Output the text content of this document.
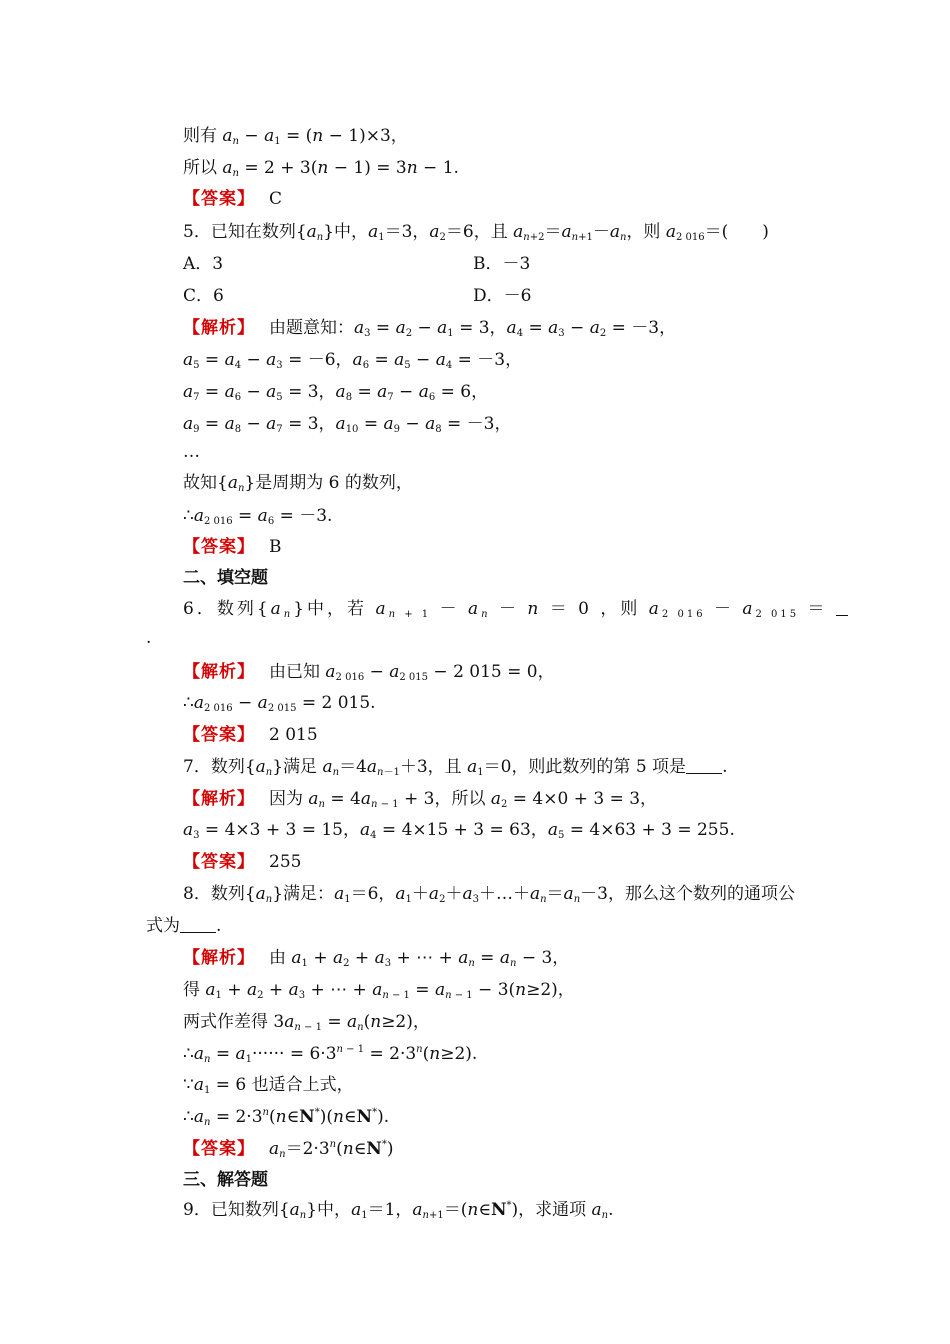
则有 $a_n - a_1 = (n - 1)\times 3$，
所以 $a_n = 2 + 3(n - 1) = 3n - 1$.
【答案】 C
5．已知在数列$\{a_n\}$中，$a_1=3$，$a_2=6$，且 $a_{n+2}=a_{n+1}-a_n$，则 $a_{2 016}=$(　　)
A．3	B．－3
C．6	D．－6
【解析】 由题意知：$a_3 = a_2 - a_1 = 3$，$a_4 = a_3 - a_2 = -3$，
$a_5 = a_4 - a_3 = -6$，$a_6 = a_5 - a_4 = -3$，
$a_7 = a_6 - a_5 = 3$，$a_8 = a_7 - a_6 = 6$，
$a_9 = a_8 - a_7 = 3$，$a_{10} = a_9 - a_8 = -3$，
…
故知$\{a_n\}$是周期为 6 的数列，
$\therefore a_{2 016} = a_6 = -3$.
【答案】 B
二、填空题
6．数列$\{a_n\}$中，若 $a_{n + 1} - a_n - n = 0$ ，则 $a_{2 016} - a_{2 015}$ ＝
.
【解析】 由已知 $a_{2 016} - a_{2 015} - 2$ 015 = 0，
$\therefore a_{2 016} - a_{2 015} = 2$ 015.
【答案】 2 015
7．数列$\{a_n\}$满足 $a_n=4a_{n-1}+3$，且 $a_1=0$，则此数列的第 5 项是 .
【解析】 因为 $a_n = 4a_{n - 1} + 3$，所以 $a_2 = 4\times 0 + 3 = 3$，
$a_3 = 4\times 3 + 3 = 15$，$a_4 = 4\times 15 + 3 = 63$，$a_5 = 4\times 63 + 3 = 255$.
【答案】 255
8．数列$\{a_n\}$满足：$a_1=6$，$a_1+a_2+a_3+\dots+a_n=a_n-3$，那么这个数列的通项公
式为 .
【解析】 由 $a_1 + a_2 + a_3$ + ⋯ + $a_n = a_n - 3$，
得 $a_1 + a_2 + a_3$ + ⋯ + $a_{n - 1} = a_{n - 1} - 3(n\ge 2)$，
两式作差得 $3a_{n - 1} = a_n(n\ge 2)$，
$\therefore a_n = a_1\cdot\cdot\cdot\cdot\cdot\cdot = 6\cdot 3^{n - 1} = 2\cdot 3^n(n\ge 2)$.
$\because a_1 = 6$ 也适合上式，
$\therefore a_n$ = $2\cdot 3^n(n\in N^*)(n\in N^*)$.
【答案】 $a_n=2\cdot 3^n(n\in N^*)$
三、解答题
9．已知数列$\{a_n\}$中，$a_1=1$，$a_{n+1}=(n\in N^*)$，求通项 $a_n$.
